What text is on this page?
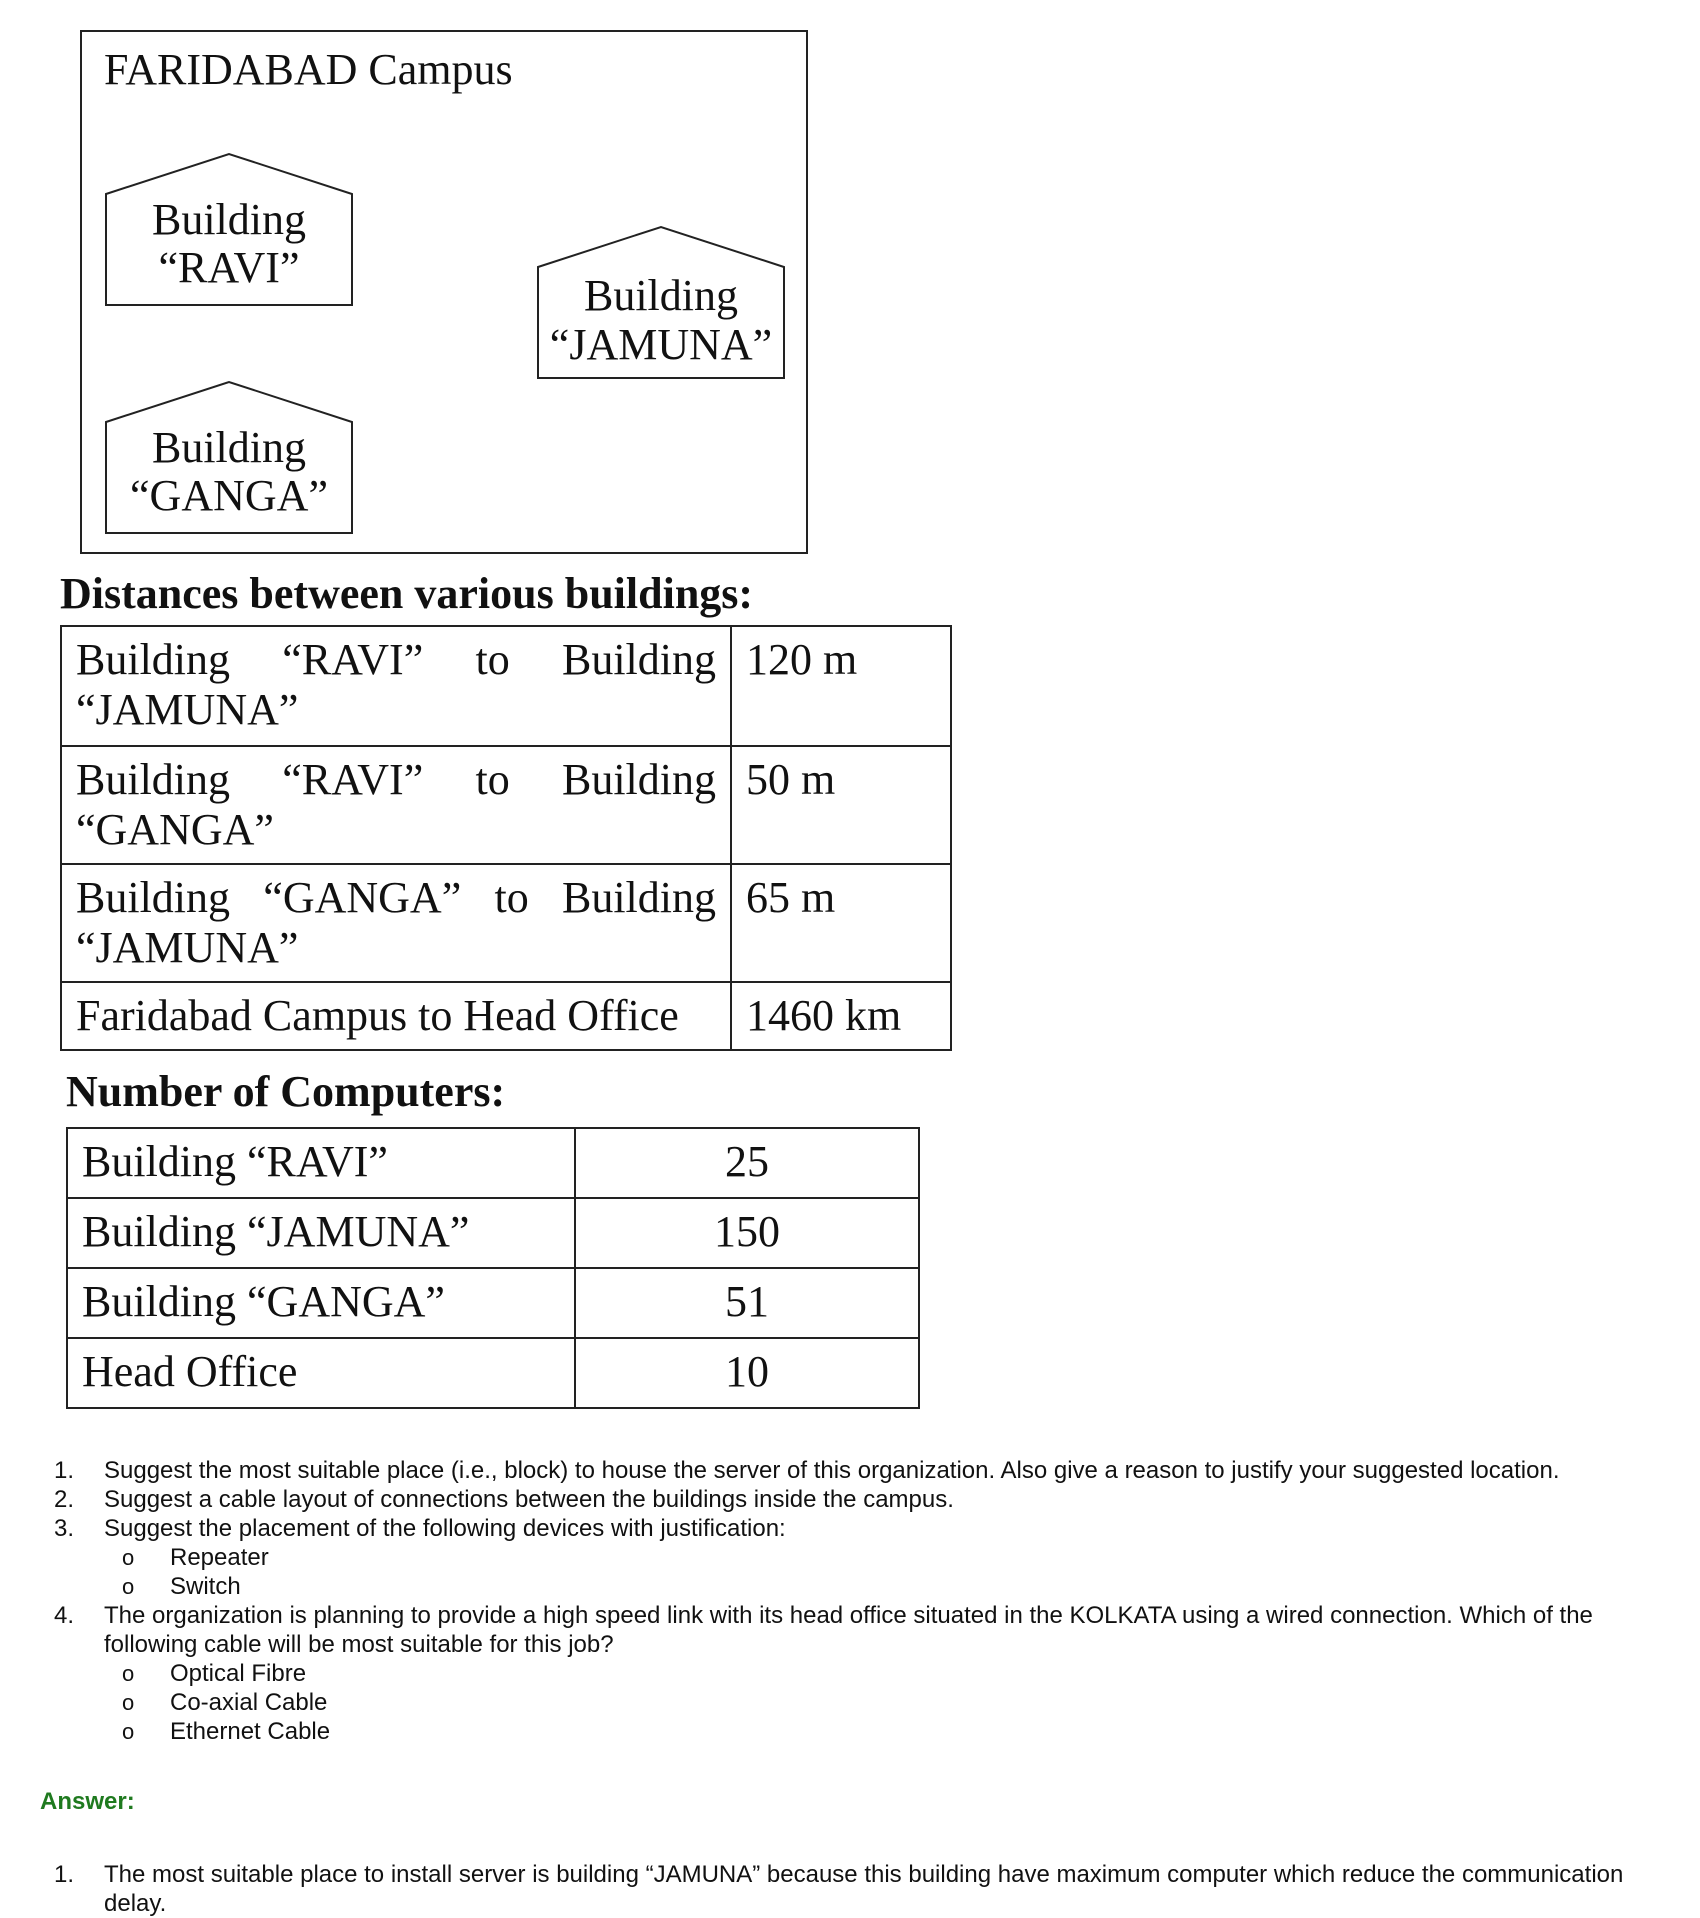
FARIDABAD Campus
Building
“RAVI”
Building
“JAMUNA”
Building
“GANGA”
Distances between various buildings:
Building “RAVI” to Building “JAMUNA”	120 m
Building “RAVI” to Building “GANGA”	50 m
Building “GANGA” to Building “JAMUNA”	65 m
Faridabad Campus to Head Office	1460 km
Number of Computers:
Building “RAVI”	25
Building “JAMUNA”	150
Building “GANGA”	51
Head Office	10
1. Suggest the most suitable place (i.e., block) to house the server of this organization. Also give a reason to justify your suggested location.
2. Suggest a cable layout of connections between the buildings inside the campus.
3. Suggest the placement of the following devices with justification:
o Repeater
o Switch
4. The organization is planning to provide a high speed link with its head office situated in the KOLKATA using a wired connection. Which of the following cable will be most suitable for this job?
o Optical Fibre
o Co-axial Cable
o Ethernet Cable
Answer:
1. The most suitable place to install server is building “JAMUNA” because this building have maximum computer which reduce the communication delay.
